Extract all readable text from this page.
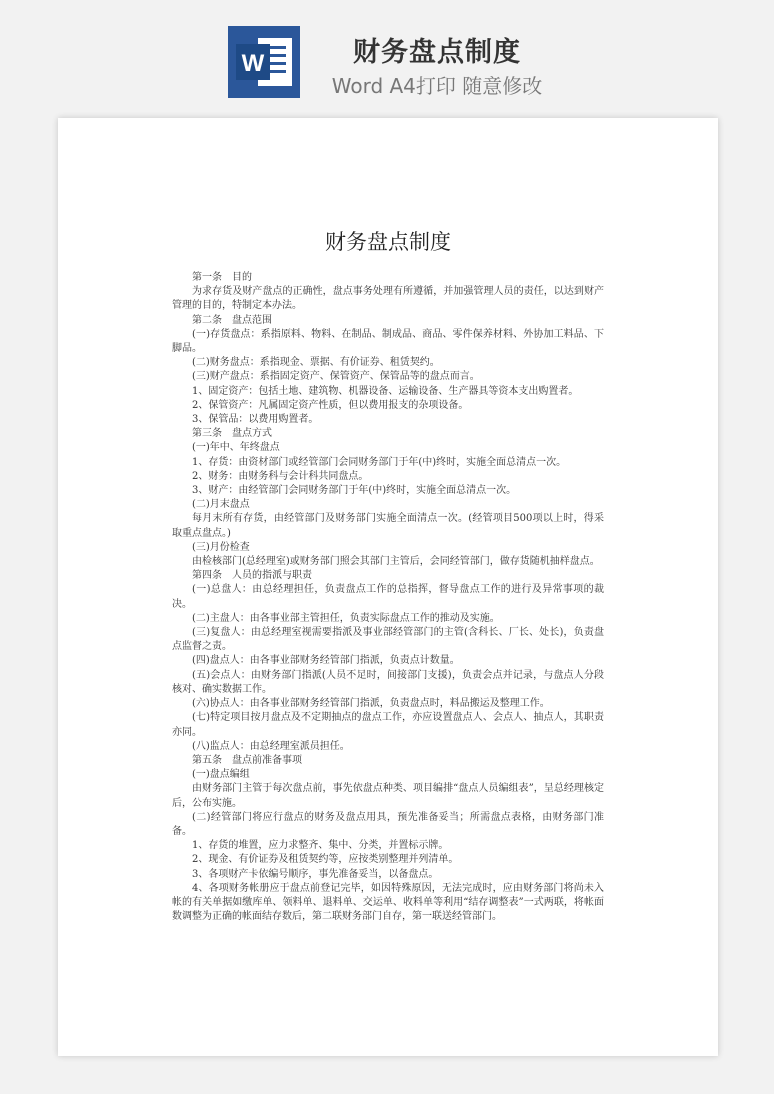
W	财务盘点制度
Word A4打印 随意修改

财务盘点制度

第一条　目的

为求存货及财产盘点的正确性，盘点事务处理有所遵循，并加强管理人员的责任，以达到财产管理的目的，特制定本办法。

第二条　盘点范围

(一)存货盘点：系指原料、物料、在制品、制成品、商品、零件保养材料、外协加工料品、下脚品。

(二)财务盘点：系指现金、票据、有价证券、租赁契约。

(三)财产盘点：系指固定资产、保管资产、保管品等的盘点而言。

1、固定资产：包括土地、建筑物、机器设备、运输设备、生产器具等资本支出购置者。

2、保管资产：凡属固定资产性质，但以费用报支的杂项设备。

3、保管品：以费用购置者。

第三条　盘点方式

(一)年中、年终盘点

1、存货：由资材部门或经管部门会同财务部门于年(中)终时，实施全面总清点一次。

2、财务：由财务科与会计科共同盘点。

3、财产：由经管部门会同财务部门于年(中)终时，实施全面总清点一次。

(二)月末盘点

每月末所有存货，由经管部门及财务部门实施全面清点一次。(经管项目500项以上时，得采取重点盘点。)

(三)月份检查

由检核部门(总经理室)或财务部门照会其部门主管后，会同经管部门，做存货随机抽样盘点。

第四条　人员的指派与职责

(一)总盘人：由总经理担任，负责盘点工作的总指挥，督导盘点工作的进行及异常事项的裁决。

(二)主盘人：由各事业部主管担任，负责实际盘点工作的推动及实施。

(三)复盘人：由总经理室视需要指派及事业部经管部门的主管(含科长、厂长、处长)，负责盘点监督之责。

(四)盘点人：由各事业部财务经管部门指派，负责点计数量。

(五)会点人：由财务部门指派(人员不足时，间接部门支援)，负责会点并记录，与盘点人分段核对、确实数据工作。

(六)协点人：由各事业部财务经管部门指派，负责盘点时，料品搬运及整理工作。

(七)特定项目按月盘点及不定期抽点的盘点工作，亦应设置盘点人、会点人、抽点人，其职责亦同。

(八)监点人：由总经理室派员担任。

第五条　盘点前准备事项

(一)盘点编组

由财务部门主管于每次盘点前，事先依盘点种类、项目编排“盘点人员编组表”，呈总经理核定后，公布实施。

(二)经管部门将应行盘点的财务及盘点用具，预先准备妥当；所需盘点表格，由财务部门准备。

1、存货的堆置，应力求整齐、集中、分类，并置标示牌。

2、现金、有价证券及租赁契约等，应按类别整理并列清单。

3、各项财产卡依编号顺序，事先准备妥当，以备盘点。

4、各项财务帐册应于盘点前登记完毕，如因特殊原因，无法完成时，应由财务部门将尚未入帐的有关单据如缴库单、领料单、退料单、交运单、收料单等利用“结存调整表”一式两联，将帐面数调整为正确的帐面结存数后，第二联财务部门自存，第一联送经管部门。
